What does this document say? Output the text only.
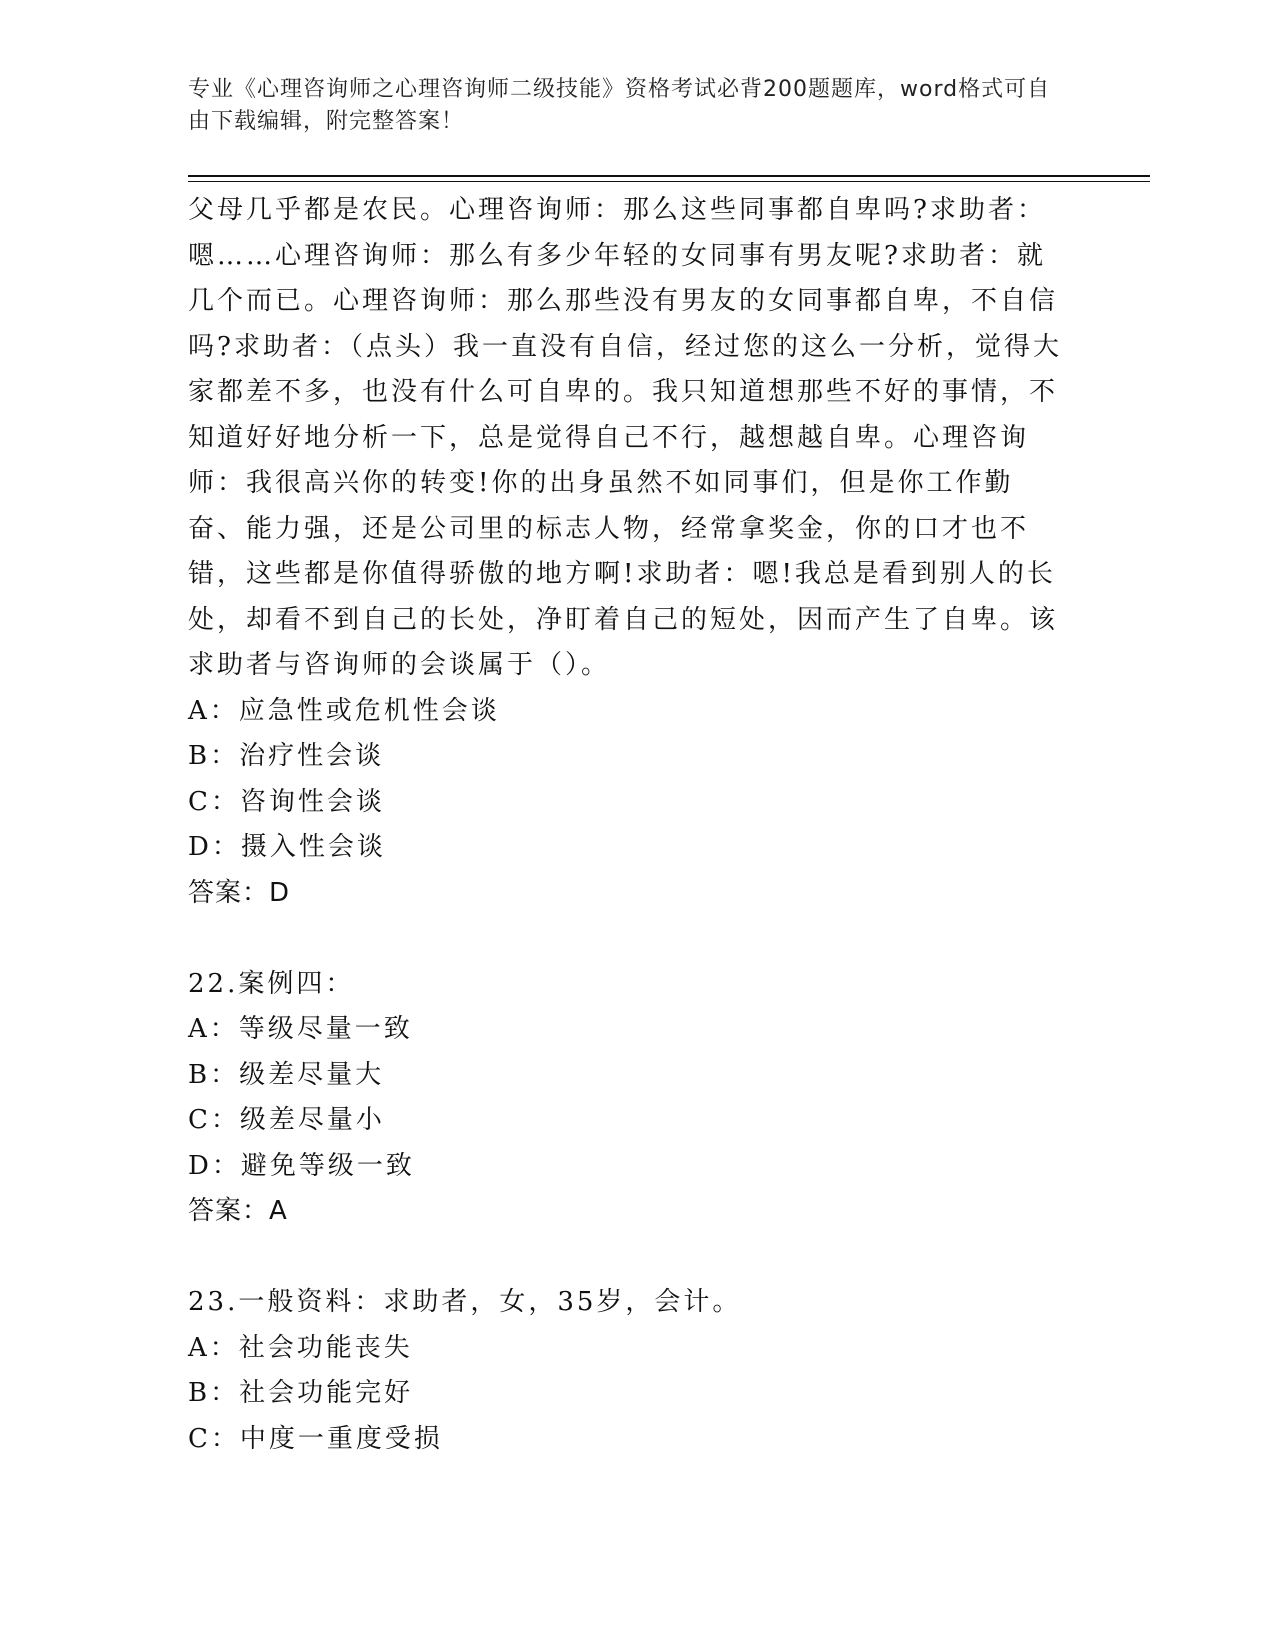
专业《心理咨询师之心理咨询师二级技能》资格考试必背200题题库，word格式可自由下载编辑，附完整答案！

父母几乎都是农民。心理咨询师：那么这些同事都自卑吗?求助者：嗯……心理咨询师：那么有多少年轻的女同事有男友呢?求助者：就几个而已。心理咨询师：那么那些没有男友的女同事都自卑，不自信吗?求助者：（点头）我一直没有自信，经过您的这么一分析，觉得大家都差不多，也没有什么可自卑的。我只知道想那些不好的事情，不知道好好地分析一下，总是觉得自己不行，越想越自卑。心理咨询师：我很高兴你的转变!你的出身虽然不如同事们，但是你工作勤奋、能力强，还是公司里的标志人物，经常拿奖金，你的口才也不错，这些都是你值得骄傲的地方啊!求助者：嗯!我总是看到别人的长处，却看不到自己的长处，净盯着自己的短处，因而产生了自卑。该求助者与咨询师的会谈属于（）。

A：应急性或危机性会谈

B：治疗性会谈

C：咨询性会谈

D：摄入性会谈

答案：D

22.案例四：

A：等级尽量一致

B：级差尽量大

C：级差尽量小

D：避免等级一致

答案：A

23.一般资料：求助者，女，35岁，会计。

A：社会功能丧失

B：社会功能完好

C：中度一重度受损
